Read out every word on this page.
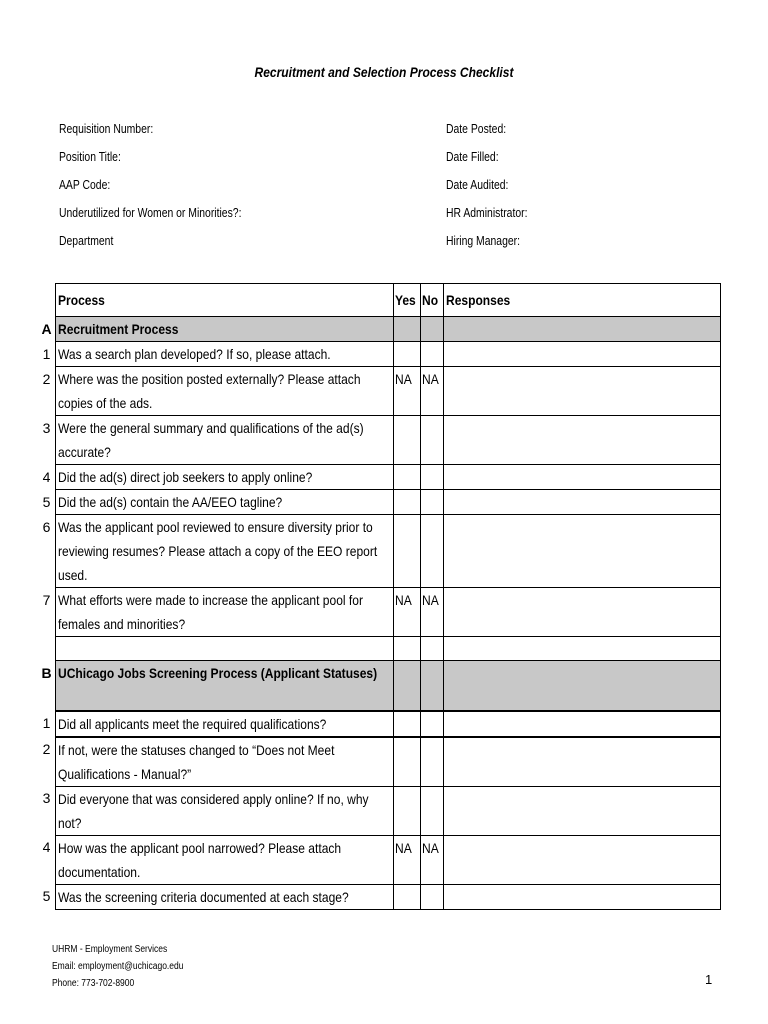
Recruitment and Selection Process Checklist
Requisition Number:
Position Title:
AAP Code:
Underutilized for Women or Minorities?:
Department
Date Posted:
Date Filled:
Date Audited:
HR Administrator:
Hiring Manager:

	Process	Yes	No	Responses

A	Recruitment Process			

1	Was a search plan developed? If so, please attach.			

2	Where was the position posted externally? Please attach copies of the ads.	NA	NA	

3	Were the general summary and qualifications of the ad(s) accurate?			

4	Did the ad(s) direct job seekers to apply online?			

5	Did the ad(s) contain the AA/EEO tagline?			

6	Was the applicant pool reviewed to ensure diversity prior to reviewing resumes? Please attach a copy of the EEO report used.			

7	What efforts were made to increase the applicant pool for females and minorities?	NA	NA	

B	UChicago Jobs Screening Process (Applicant Statuses)			

1	Did all applicants meet the required qualifications?			

2	If not, were the statuses changed to “Does not Meet Qualifications - Manual?”			

3	Did everyone that was considered apply online? If no, why not?			

4	How was the applicant pool narrowed? Please attach documentation.	NA	NA	

5	Was the screening criteria documented at each stage?			

UHRM - Employment Services
Email: employment@uchicago.edu
Phone: 773-702-8900	1
